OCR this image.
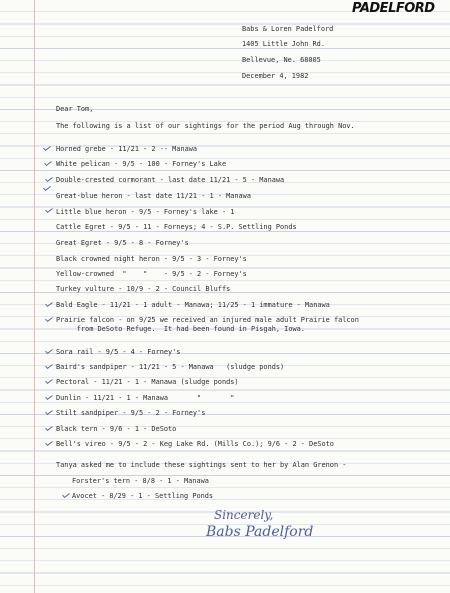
PADELFORD
Babs & Loren Padelford
1405 Little John Rd.
Bellevue, Ne. 68005
December 4, 1982
Dear Tom,
The following is a list of our sightings for the period Aug through Nov.
Horned grebe - 11/21 - 2 -- Manawa
White pelican - 9/5 - 100 - Forney's Lake
Double-crested cormorant - last date 11/21 - 5 - Manawa
Great-blue heron - last date 11/21 - 1 - Manawa
Little blue heron - 9/5 - Forney's lake - 1
Cattle Egret - 9/5 - 11 - Forneys; 4 - S.P. Settling Ponds
Great Egret - 9/5 - 8 - Forney's
Black crowned night heron - 9/5 - 3 - Forney's
Yellow-crowned  "    "    - 9/5 - 2 - Forney's
Turkey vulture - 10/9 - 2 - Council Bluffs
Bald Eagle - 11/21 - 1 adult - Manawa; 11/25 - 1 immature - Manawa
Prairie falcon - on 9/25 we received an injured male adult Prairie falcon
from DeSoto Refuge.  It had been found in Pisgah, Iowa.
Sora rail - 9/5 - 4 - Forney's
Baird's sandpiper - 11/21 - 5 - Manawa   (sludge ponds)
Pectoral - 11/21 - 1 - Manawa (sludge ponds)
Dunlin - 11/21 - 1 - Manawa       "       "
Stilt sandpiper - 9/5 - 2 - Forney's
Black tern - 9/6 - 1 - DeSoto
Bell's vireo - 9/5 - 2 - Keg Lake Rd. (Mills Co.); 9/6 - 2 - DeSoto
Tanya asked me to include these sightings sent to her by Alan Grenon -
Forster's tern - 8/8 - 1 - Manawa
Avocet - 8/29 - 1 - Settling Ponds
Sincerely,
Babs Padelford
